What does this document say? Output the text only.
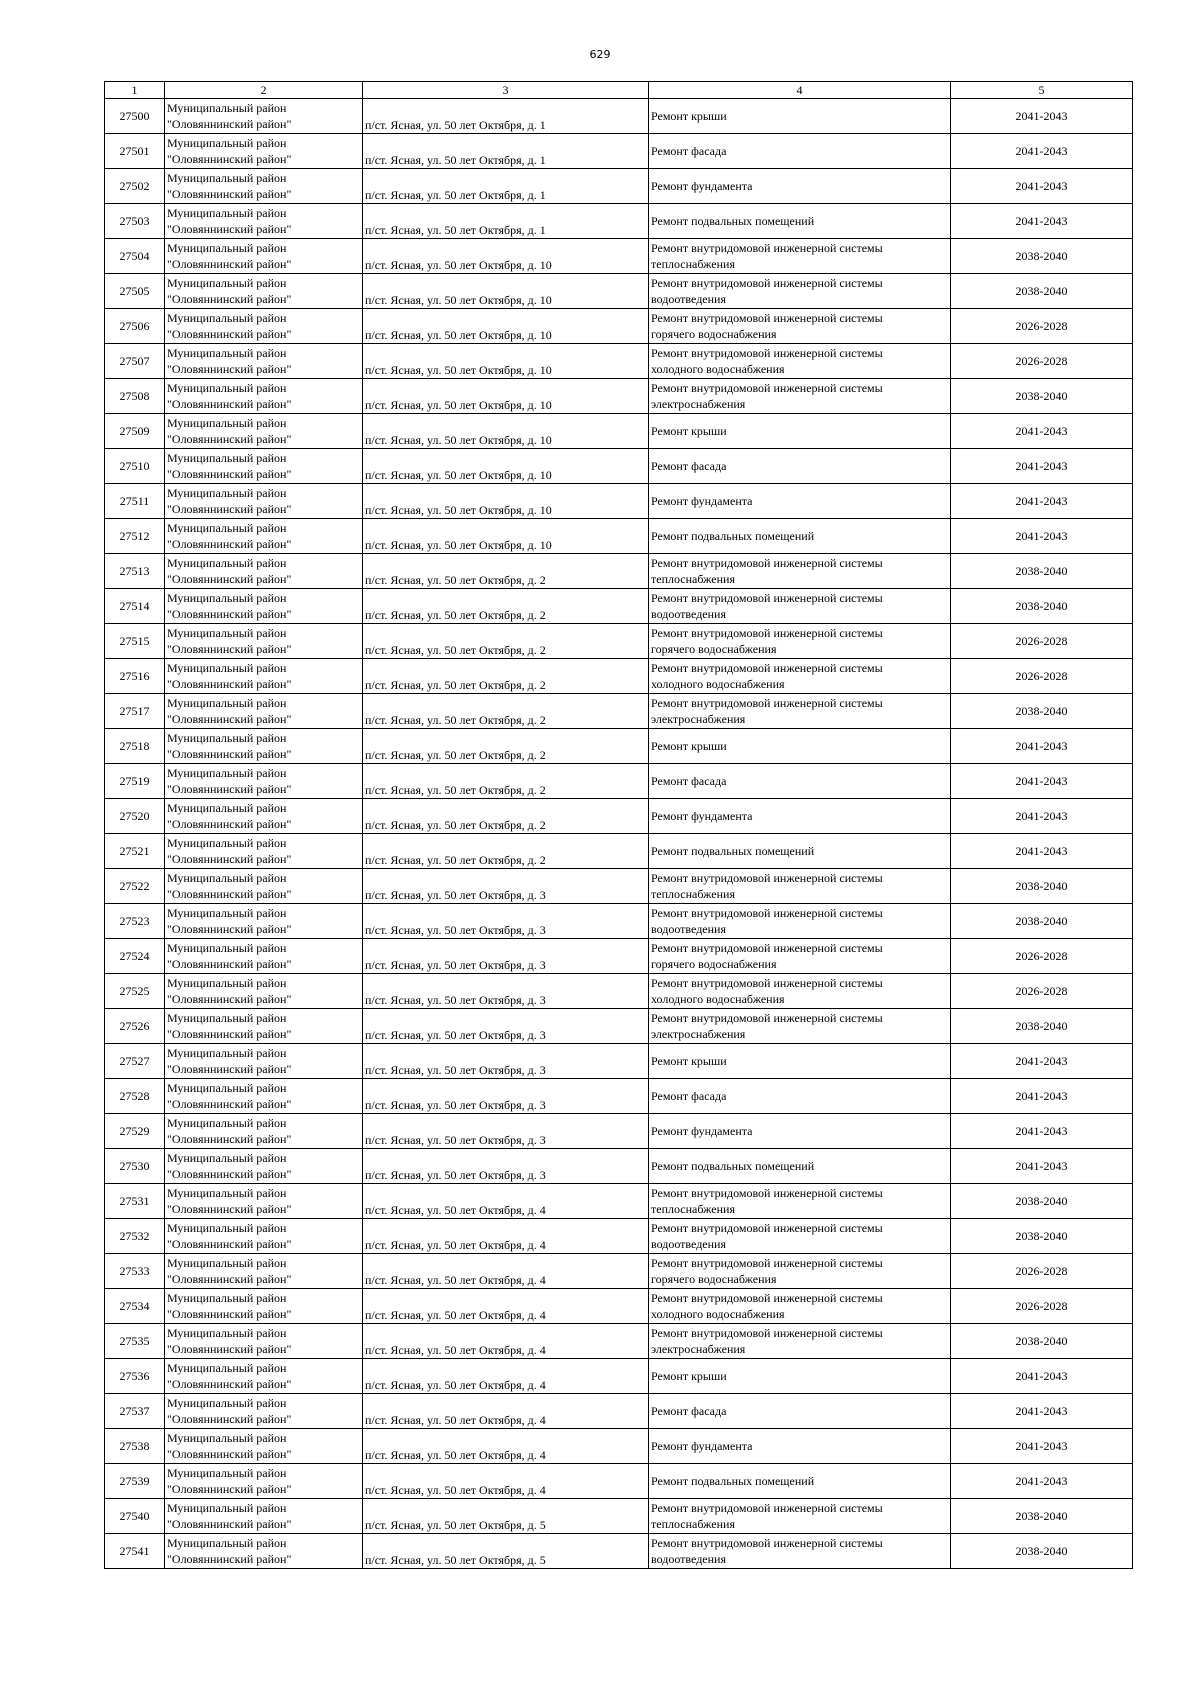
629
1	2	3	4	5
27500	Муниципальный район
"Оловяннинский район"	п/ст. Ясная, ул. 50 лет Октября, д. 1	Ремонт крыши	2041-2043
27501	Муниципальный район
"Оловяннинский район"	п/ст. Ясная, ул. 50 лет Октября, д. 1	Ремонт фасада	2041-2043
27502	Муниципальный район
"Оловяннинский район"	п/ст. Ясная, ул. 50 лет Октября, д. 1	Ремонт фундамента	2041-2043
27503	Муниципальный район
"Оловяннинский район"	п/ст. Ясная, ул. 50 лет Октября, д. 1	Ремонт подвальных помещений	2041-2043
27504	Муниципальный район
"Оловяннинский район"	п/ст. Ясная, ул. 50 лет Октября, д. 10	Ремонт внутридомовой инженерной системы
теплоснабжения	2038-2040
27505	Муниципальный район
"Оловяннинский район"	п/ст. Ясная, ул. 50 лет Октября, д. 10	Ремонт внутридомовой инженерной системы
водоотведения	2038-2040
27506	Муниципальный район
"Оловяннинский район"	п/ст. Ясная, ул. 50 лет Октября, д. 10	Ремонт внутридомовой инженерной системы
горячего водоснабжения	2026-2028
27507	Муниципальный район
"Оловяннинский район"	п/ст. Ясная, ул. 50 лет Октября, д. 10	Ремонт внутридомовой инженерной системы
холодного водоснабжения	2026-2028
27508	Муниципальный район
"Оловяннинский район"	п/ст. Ясная, ул. 50 лет Октября, д. 10	Ремонт внутридомовой инженерной системы
электроснабжения	2038-2040
27509	Муниципальный район
"Оловяннинский район"	п/ст. Ясная, ул. 50 лет Октября, д. 10	Ремонт крыши	2041-2043
27510	Муниципальный район
"Оловяннинский район"	п/ст. Ясная, ул. 50 лет Октября, д. 10	Ремонт фасада	2041-2043
27511	Муниципальный район
"Оловяннинский район"	п/ст. Ясная, ул. 50 лет Октября, д. 10	Ремонт фундамента	2041-2043
27512	Муниципальный район
"Оловяннинский район"	п/ст. Ясная, ул. 50 лет Октября, д. 10	Ремонт подвальных помещений	2041-2043
27513	Муниципальный район
"Оловяннинский район"	п/ст. Ясная, ул. 50 лет Октября, д. 2	Ремонт внутридомовой инженерной системы
теплоснабжения	2038-2040
27514	Муниципальный район
"Оловяннинский район"	п/ст. Ясная, ул. 50 лет Октября, д. 2	Ремонт внутридомовой инженерной системы
водоотведения	2038-2040
27515	Муниципальный район
"Оловяннинский район"	п/ст. Ясная, ул. 50 лет Октября, д. 2	Ремонт внутридомовой инженерной системы
горячего водоснабжения	2026-2028
27516	Муниципальный район
"Оловяннинский район"	п/ст. Ясная, ул. 50 лет Октября, д. 2	Ремонт внутридомовой инженерной системы
холодного водоснабжения	2026-2028
27517	Муниципальный район
"Оловяннинский район"	п/ст. Ясная, ул. 50 лет Октября, д. 2	Ремонт внутридомовой инженерной системы
электроснабжения	2038-2040
27518	Муниципальный район
"Оловяннинский район"	п/ст. Ясная, ул. 50 лет Октября, д. 2	Ремонт крыши	2041-2043
27519	Муниципальный район
"Оловяннинский район"	п/ст. Ясная, ул. 50 лет Октября, д. 2	Ремонт фасада	2041-2043
27520	Муниципальный район
"Оловяннинский район"	п/ст. Ясная, ул. 50 лет Октября, д. 2	Ремонт фундамента	2041-2043
27521	Муниципальный район
"Оловяннинский район"	п/ст. Ясная, ул. 50 лет Октября, д. 2	Ремонт подвальных помещений	2041-2043
27522	Муниципальный район
"Оловяннинский район"	п/ст. Ясная, ул. 50 лет Октября, д. 3	Ремонт внутридомовой инженерной системы
теплоснабжения	2038-2040
27523	Муниципальный район
"Оловяннинский район"	п/ст. Ясная, ул. 50 лет Октября, д. 3	Ремонт внутридомовой инженерной системы
водоотведения	2038-2040
27524	Муниципальный район
"Оловяннинский район"	п/ст. Ясная, ул. 50 лет Октября, д. 3	Ремонт внутридомовой инженерной системы
горячего водоснабжения	2026-2028
27525	Муниципальный район
"Оловяннинский район"	п/ст. Ясная, ул. 50 лет Октября, д. 3	Ремонт внутридомовой инженерной системы
холодного водоснабжения	2026-2028
27526	Муниципальный район
"Оловяннинский район"	п/ст. Ясная, ул. 50 лет Октября, д. 3	Ремонт внутридомовой инженерной системы
электроснабжения	2038-2040
27527	Муниципальный район
"Оловяннинский район"	п/ст. Ясная, ул. 50 лет Октября, д. 3	Ремонт крыши	2041-2043
27528	Муниципальный район
"Оловяннинский район"	п/ст. Ясная, ул. 50 лет Октября, д. 3	Ремонт фасада	2041-2043
27529	Муниципальный район
"Оловяннинский район"	п/ст. Ясная, ул. 50 лет Октября, д. 3	Ремонт фундамента	2041-2043
27530	Муниципальный район
"Оловяннинский район"	п/ст. Ясная, ул. 50 лет Октября, д. 3	Ремонт подвальных помещений	2041-2043
27531	Муниципальный район
"Оловяннинский район"	п/ст. Ясная, ул. 50 лет Октября, д. 4	Ремонт внутридомовой инженерной системы
теплоснабжения	2038-2040
27532	Муниципальный район
"Оловяннинский район"	п/ст. Ясная, ул. 50 лет Октября, д. 4	Ремонт внутридомовой инженерной системы
водоотведения	2038-2040
27533	Муниципальный район
"Оловяннинский район"	п/ст. Ясная, ул. 50 лет Октября, д. 4	Ремонт внутридомовой инженерной системы
горячего водоснабжения	2026-2028
27534	Муниципальный район
"Оловяннинский район"	п/ст. Ясная, ул. 50 лет Октября, д. 4	Ремонт внутридомовой инженерной системы
холодного водоснабжения	2026-2028
27535	Муниципальный район
"Оловяннинский район"	п/ст. Ясная, ул. 50 лет Октября, д. 4	Ремонт внутридомовой инженерной системы
электроснабжения	2038-2040
27536	Муниципальный район
"Оловяннинский район"	п/ст. Ясная, ул. 50 лет Октября, д. 4	Ремонт крыши	2041-2043
27537	Муниципальный район
"Оловяннинский район"	п/ст. Ясная, ул. 50 лет Октября, д. 4	Ремонт фасада	2041-2043
27538	Муниципальный район
"Оловяннинский район"	п/ст. Ясная, ул. 50 лет Октября, д. 4	Ремонт фундамента	2041-2043
27539	Муниципальный район
"Оловяннинский район"	п/ст. Ясная, ул. 50 лет Октября, д. 4	Ремонт подвальных помещений	2041-2043
27540	Муниципальный район
"Оловяннинский район"	п/ст. Ясная, ул. 50 лет Октября, д. 5	Ремонт внутридомовой инженерной системы
теплоснабжения	2038-2040
27541	Муниципальный район
"Оловяннинский район"	п/ст. Ясная, ул. 50 лет Октября, д. 5	Ремонт внутридомовой инженерной системы
водоотведения	2038-2040
